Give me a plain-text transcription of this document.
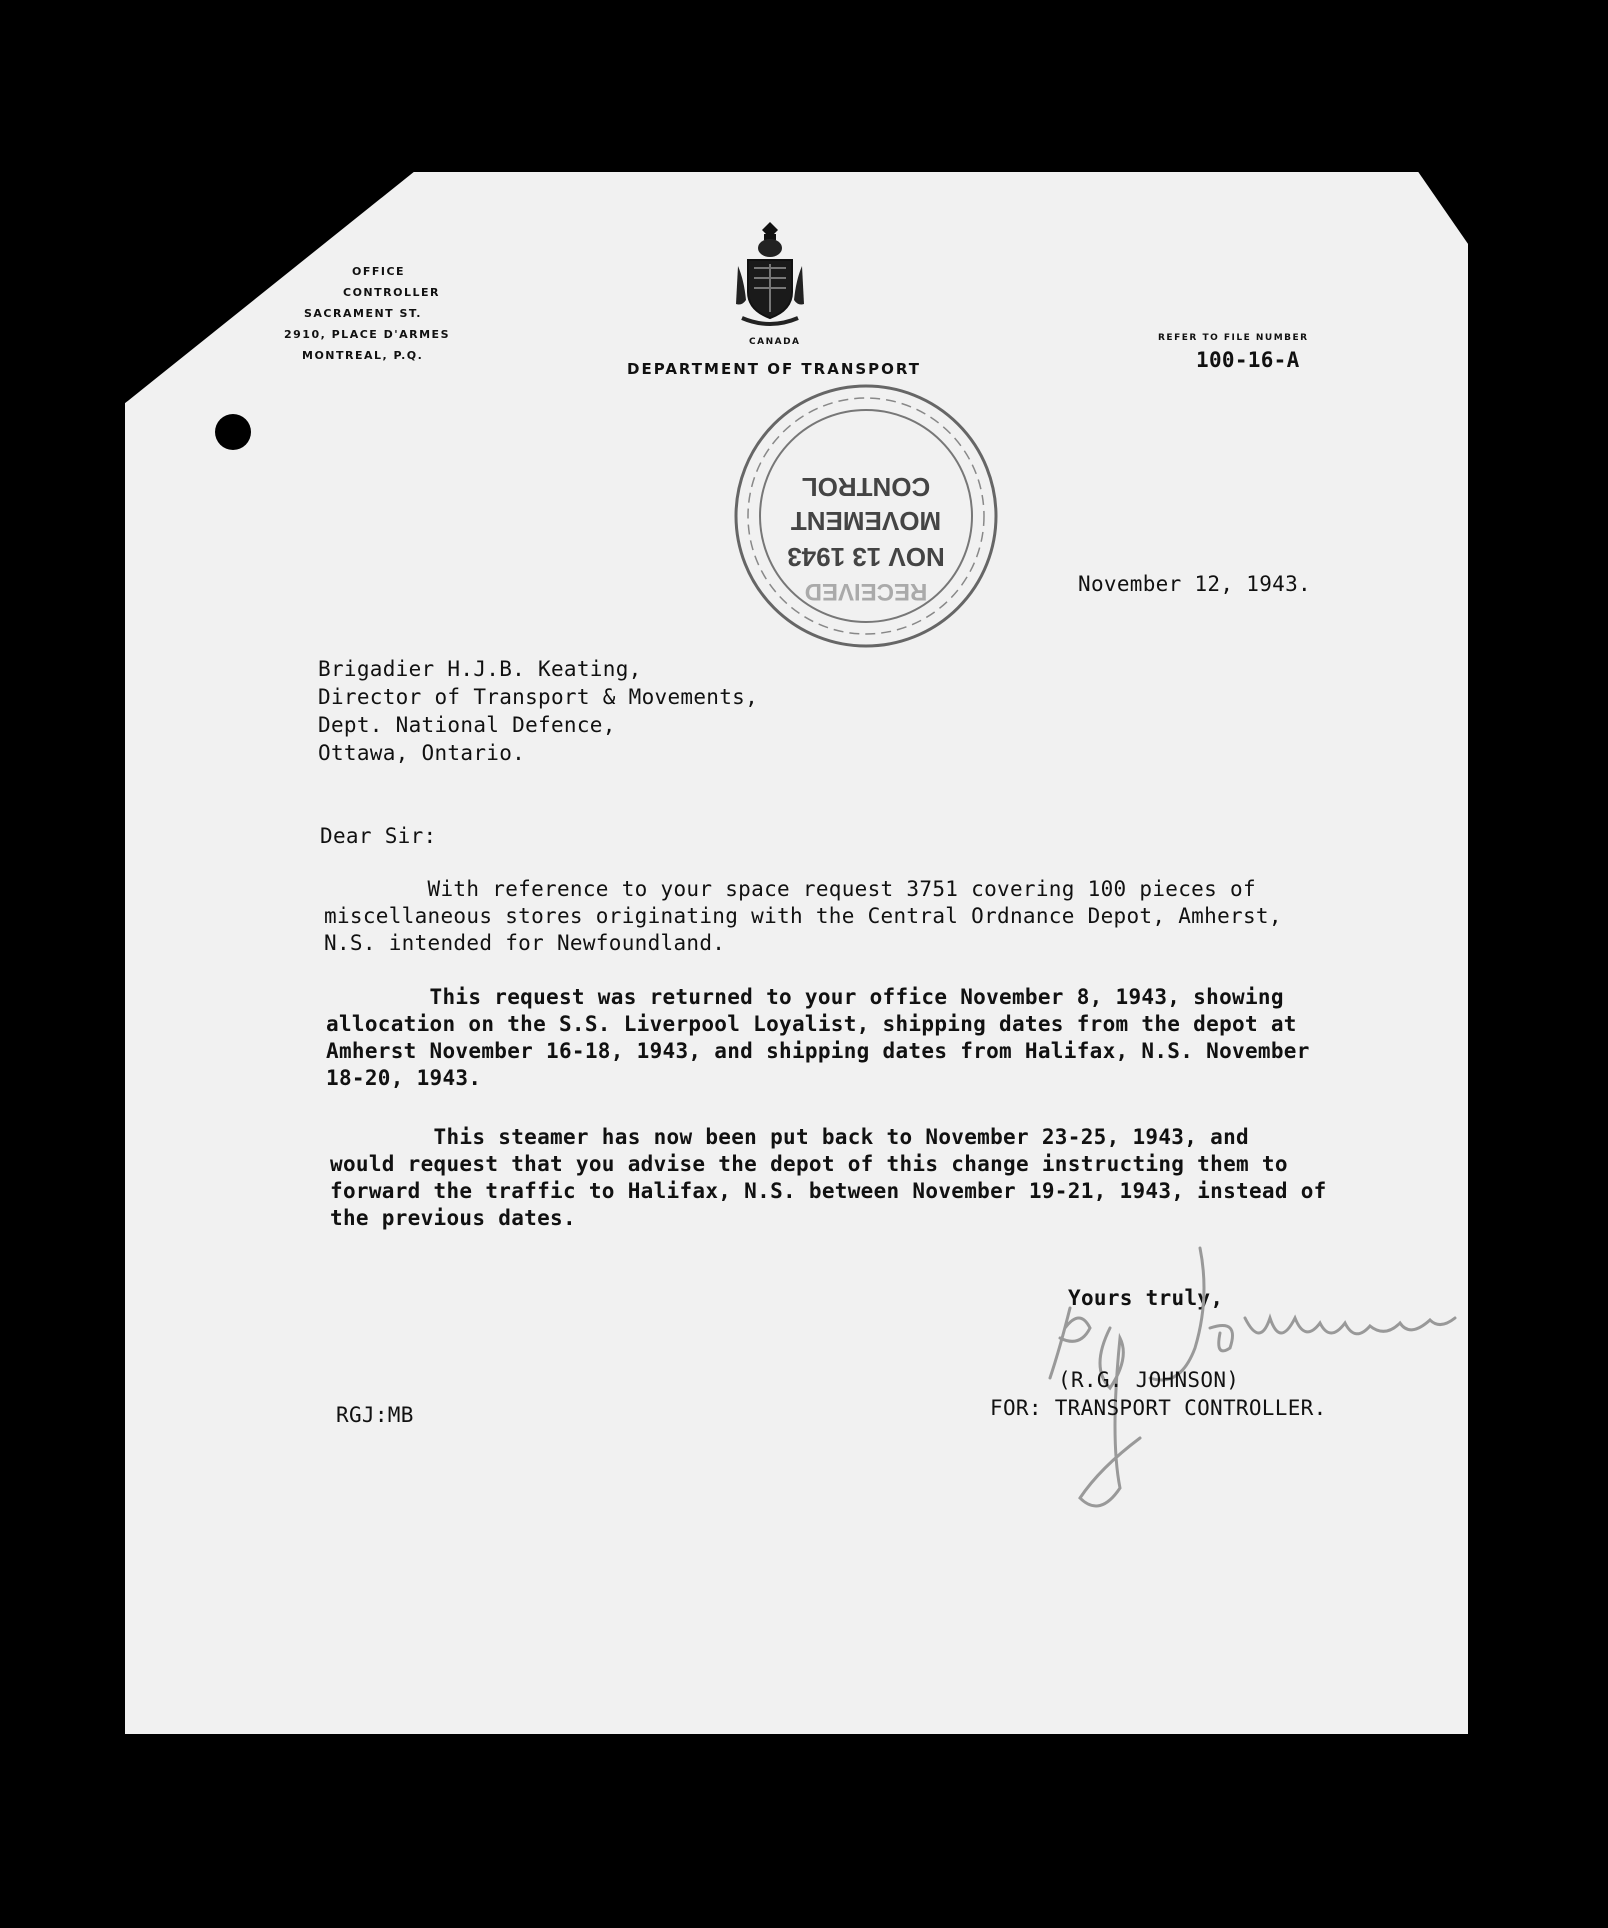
OFFICE
CONTROLLER
SACRAMENT ST.
2910, PLACE D'ARMES
MONTREAL, P.Q.
CANADA
DEPARTMENT OF TRANSPORT
REFER TO FILE NUMBER
100-16-A
RECEIVED
NOV 13 1943
MOVEMENT
CONTROL
November 12, 1943.
Brigadier H.J.B. Keating,
Director of Transport & Movements,
Dept. National Defence,
Ottawa, Ontario.
Dear Sir:
With reference to your space request 3751 covering 100 pieces of
miscellaneous stores originating with the Central Ordnance Depot, Amherst,
N.S. intended for Newfoundland.
This request was returned to your office November 8, 1943, showing
allocation on the S.S. Liverpool Loyalist, shipping dates from the depot at
Amherst November 16-18, 1943, and shipping dates from Halifax, N.S. November
18-20, 1943.
This steamer has now been put back to November 23-25, 1943, and
would request that you advise the depot of this change instructing them to
forward the traffic to Halifax, N.S. between November 19-21, 1943, instead of
the previous dates.
Yours truly,
(R.G. JOHNSON)
FOR: TRANSPORT CONTROLLER.
RGJ:MB
